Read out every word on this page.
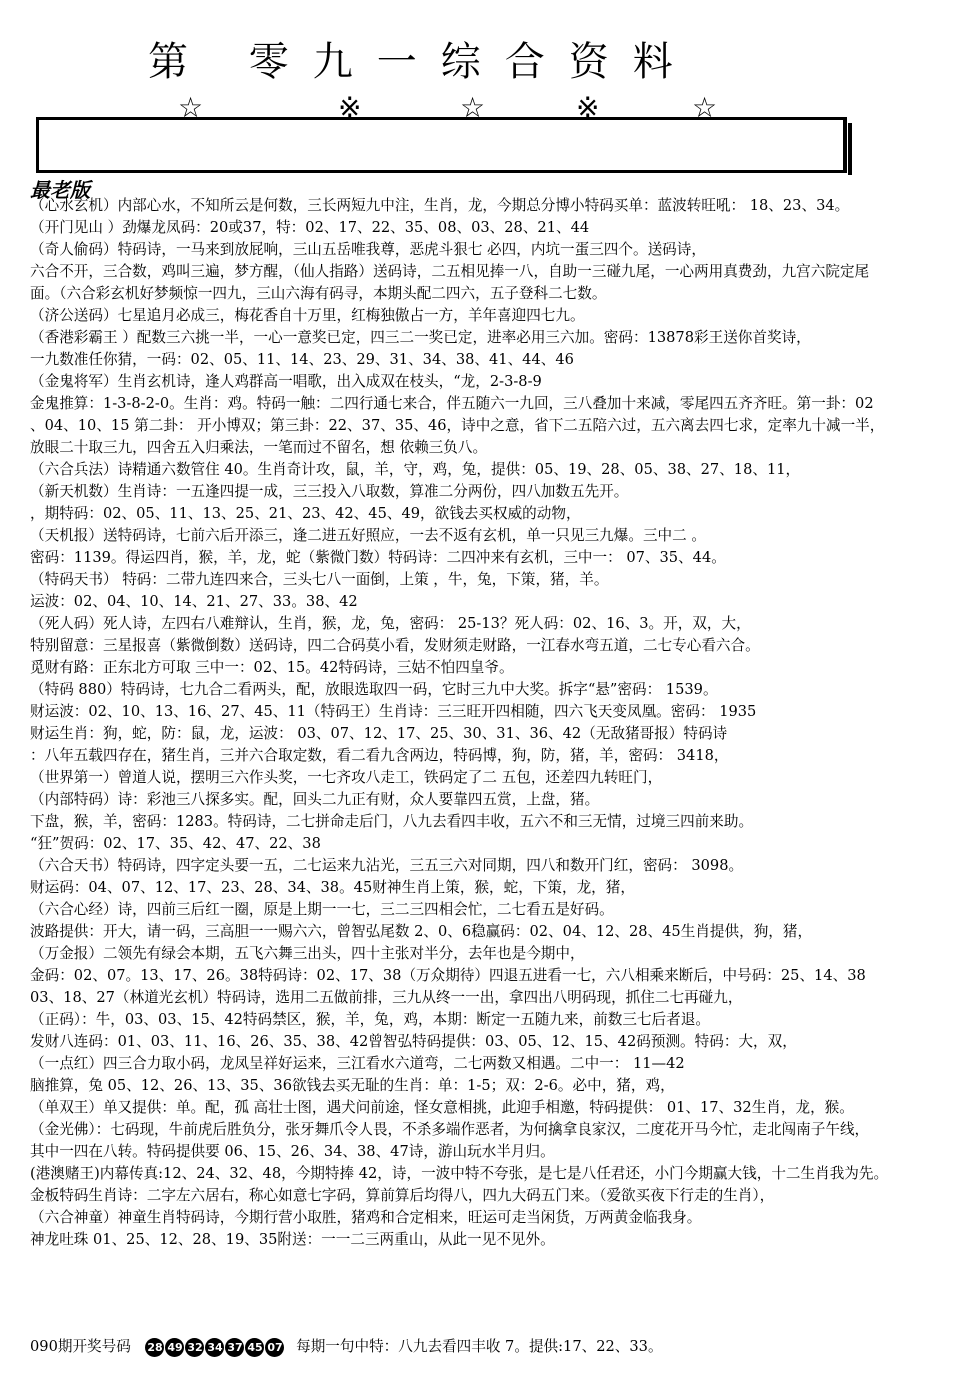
第 零九一综合资料
☆	※	☆	※	☆
最老版
（心水玄机）内部心水，不知所云是何数，三长两短九中注，生肖，龙，今期总分博小特码买单：蓝波转旺吼： 18、23、34。
（开门见山 ）劲爆龙凤码：20或37，特：02、17、22、35、08、03、28、21、44
（奇人偷码）特码诗，一马来到放屁响，三山五岳唯我尊，恶虎斗狠七 必四，内坑一蛋三四个。送码诗，
六合不开，三合数，鸡叫三遍，梦方醒，（仙人指路）送码诗，二五相见捧一八，自助一三碰九尾，一心两用真费劲，九宫六院定尾
面。（六合彩玄机好梦频惊一四九，三山六海有码寻，本期头配二四六，五子登科二七数。
（济公送码）七星追月必成三，梅花香自十万里，红梅独傲占一方，羊年喜迎四七九。
（香港彩霸王 ）配数三六挑一半，一心一意奖已定，四三二一奖已定，进率必用三六加。密码：13878彩王送你首奖诗，
一九数准任你猜，一码：02、05、11、14、23、29、31、34、38、41、44、46
（金鬼将军）生肖玄机诗，逢人鸡群高一唱歌，出入成双在枝头，“龙，2-3-8-9
金鬼推算：1-3-8-2-0。生肖：鸡。特码一触：二四行通七来合，伴五随六一九回，三八叠加十来减，零尾四五齐齐旺。第一卦：02
、04、10、15 第二卦： 开小博双；第三卦：22、37、35、46，诗中之意，省下二五陪六过，五六离去四七求，定率九十减一半，
放眼二十取三九，四舍五入归乘法，一笔而过不留名，想 依赖三负八。
（六合兵法）诗精通六数管住 40。生肖奇计攻，鼠，羊，守，鸡，兔，提供：05、19、28、05、38、27、18、11，
（新天机数）生肖诗：一五逢四提一成，三三投入八取数，算准二分两份，四八加数五先开。
，期特码：02、05、11、13、25、21、23、42、45、49，欲钱去买权威的动物，
（天机报）送特码诗，七前六后开添三，逢二进五好照应，一去不返有玄机，单一只见三九爆。三中二 。
密码：1139。得运四肖，猴，羊，龙，蛇（紫微门数）特码诗：二四冲来有玄机，三中一： 07、35、44。
（特码天书） 特码：二带九连四来合，三头七八一面倒，上策 ，牛，兔，下策，猪，羊。
运波：02、04、10、14、21、27、33。38、42
（死人码）死人诗，左四右八难辩认，生肖，猴，龙，兔，密码： 25-13？死人码：02、16、3。开，双，大，
特别留意：三星报喜（紫微倒数）送码诗，四二合码莫小看，发财须走财路，一江春水弯五道，二七专心看六合。
觅财有路：正东北方可取 三中一：02、15。42特码诗，三姑不怕四皇爷。
（特码 880）特码诗，七九合二看两头，配，放眼选取四一码，它时三九中大奖。拆字“悬”密码： 1539。
财运波：02、10、13、16、27、45、11（特码王）生肖诗：三三旺开四相随，四六飞天变凤凰。密码： 1935
财运生肖：狗，蛇，防：鼠，龙，运波： 03、07、12、17、25、30、31、36、42（无敌猪哥报）特码诗
：八年五载四存在，猪生肖，三并六合取定数，看二看九含两边，特码博，狗，防，猪，羊，密码： 3418，
（世界第一）曾道人说，摆明三六作头奖，一七齐攻八走工，铁码定了二 五包，还差四九转旺门，
（内部特码）诗：彩池三八探多实。配，回头二九正有财，众人要靠四五赏，上盘，猪。
下盘，猴，羊，密码：1283。特码诗，二七拼命走后门，八九去看四丰收，五六不和三无情，过境三四前来助。
“狂”贺码：02、17、35、42、47、22、38
（六合天书）特码诗，四字定头要一五，二七运来九沾光，三五三六对同期，四八和数开门红，密码： 3098。
财运码：04、07、12、17、23、28、34、38。45财神生肖上策，猴，蛇，下策，龙，猪，
（六合心经）诗，四前三后红一圈，原是上期一一七，三二三四相会忙，二七看五是好码。
波路提供：开大，请一码，三高胆一一赐六六，曾智弘尾数 2、0、6稳赢码：02、04、12、28、45生肖提供，狗，猪，
（万金报）二领先有绿会本期，五飞六舞三出头，四十主张对半分，去年也是今期中，
金码：02、07。13、17、26。38特码诗：02、17、38（万众期待）四退五进看一七，六八相乘来断后，中号码：25、14、38
03、18、27（林道光玄机）特码诗，选用二五做前排，三九从终一一出，拿四出八明码现，抓住二七再碰九，
（正码）：牛，03、03、15、42特码禁区，猴，羊，兔，鸡，本期：断定一五随九来，前数三七后者退。
发财八连码：01、03、11、16、26、35、38、42曾智弘特码提供：03、05、12、15、42码预测。特码：大，双，
（一点红）四三合力取小码，龙凤呈祥好运来，三江看水六道弯，二七两数又相遇。二中一： 11—42
脑推算，兔 05、12、26、13、35、36欲钱去买无耻的生肖：单：1-5；双：2-6。必中，猪，鸡，
（单双王）单又提供：单。配，孤 高壮士图，遇犬问前途，怪女意相挑，此迎手相邀，特码提供： 01、17、32生肖，龙，猴。
（金光佛）：七码现，牛前虎后胜负分，张牙舞爪令人畏，不杀多端作恶者，为何擒拿良家汉，二度花开马今忙，走北闯南子午线，
其中一四在八转。特码提供要 06、15、26、34、38、47诗，游山玩水半月归。
(港澳赌王)内幕传真:12、24、32、48，今期特捧 42，诗，一波中特不夸张，是七是八任君还，小门今期赢大钱，十二生肖我为先。
金板特码生肖诗：二字左六居右，称心如意七字码，算前算后均得八，四九大码五门来。（爱欲买夜下行走的生肖），
（六合神童）神童生肖特码诗，今期行营小取胜，猪鸡和合定相来，旺运可走当闲货，万两黄金临我身。
神龙吐珠 01、25、12、28、19、35附送：一一二三两重山，从此一见不见外。
090期开奖号码 28 49 32 34 37 45 07 每期一句中特：八九去看四丰收 7。提供:17、22、33。
